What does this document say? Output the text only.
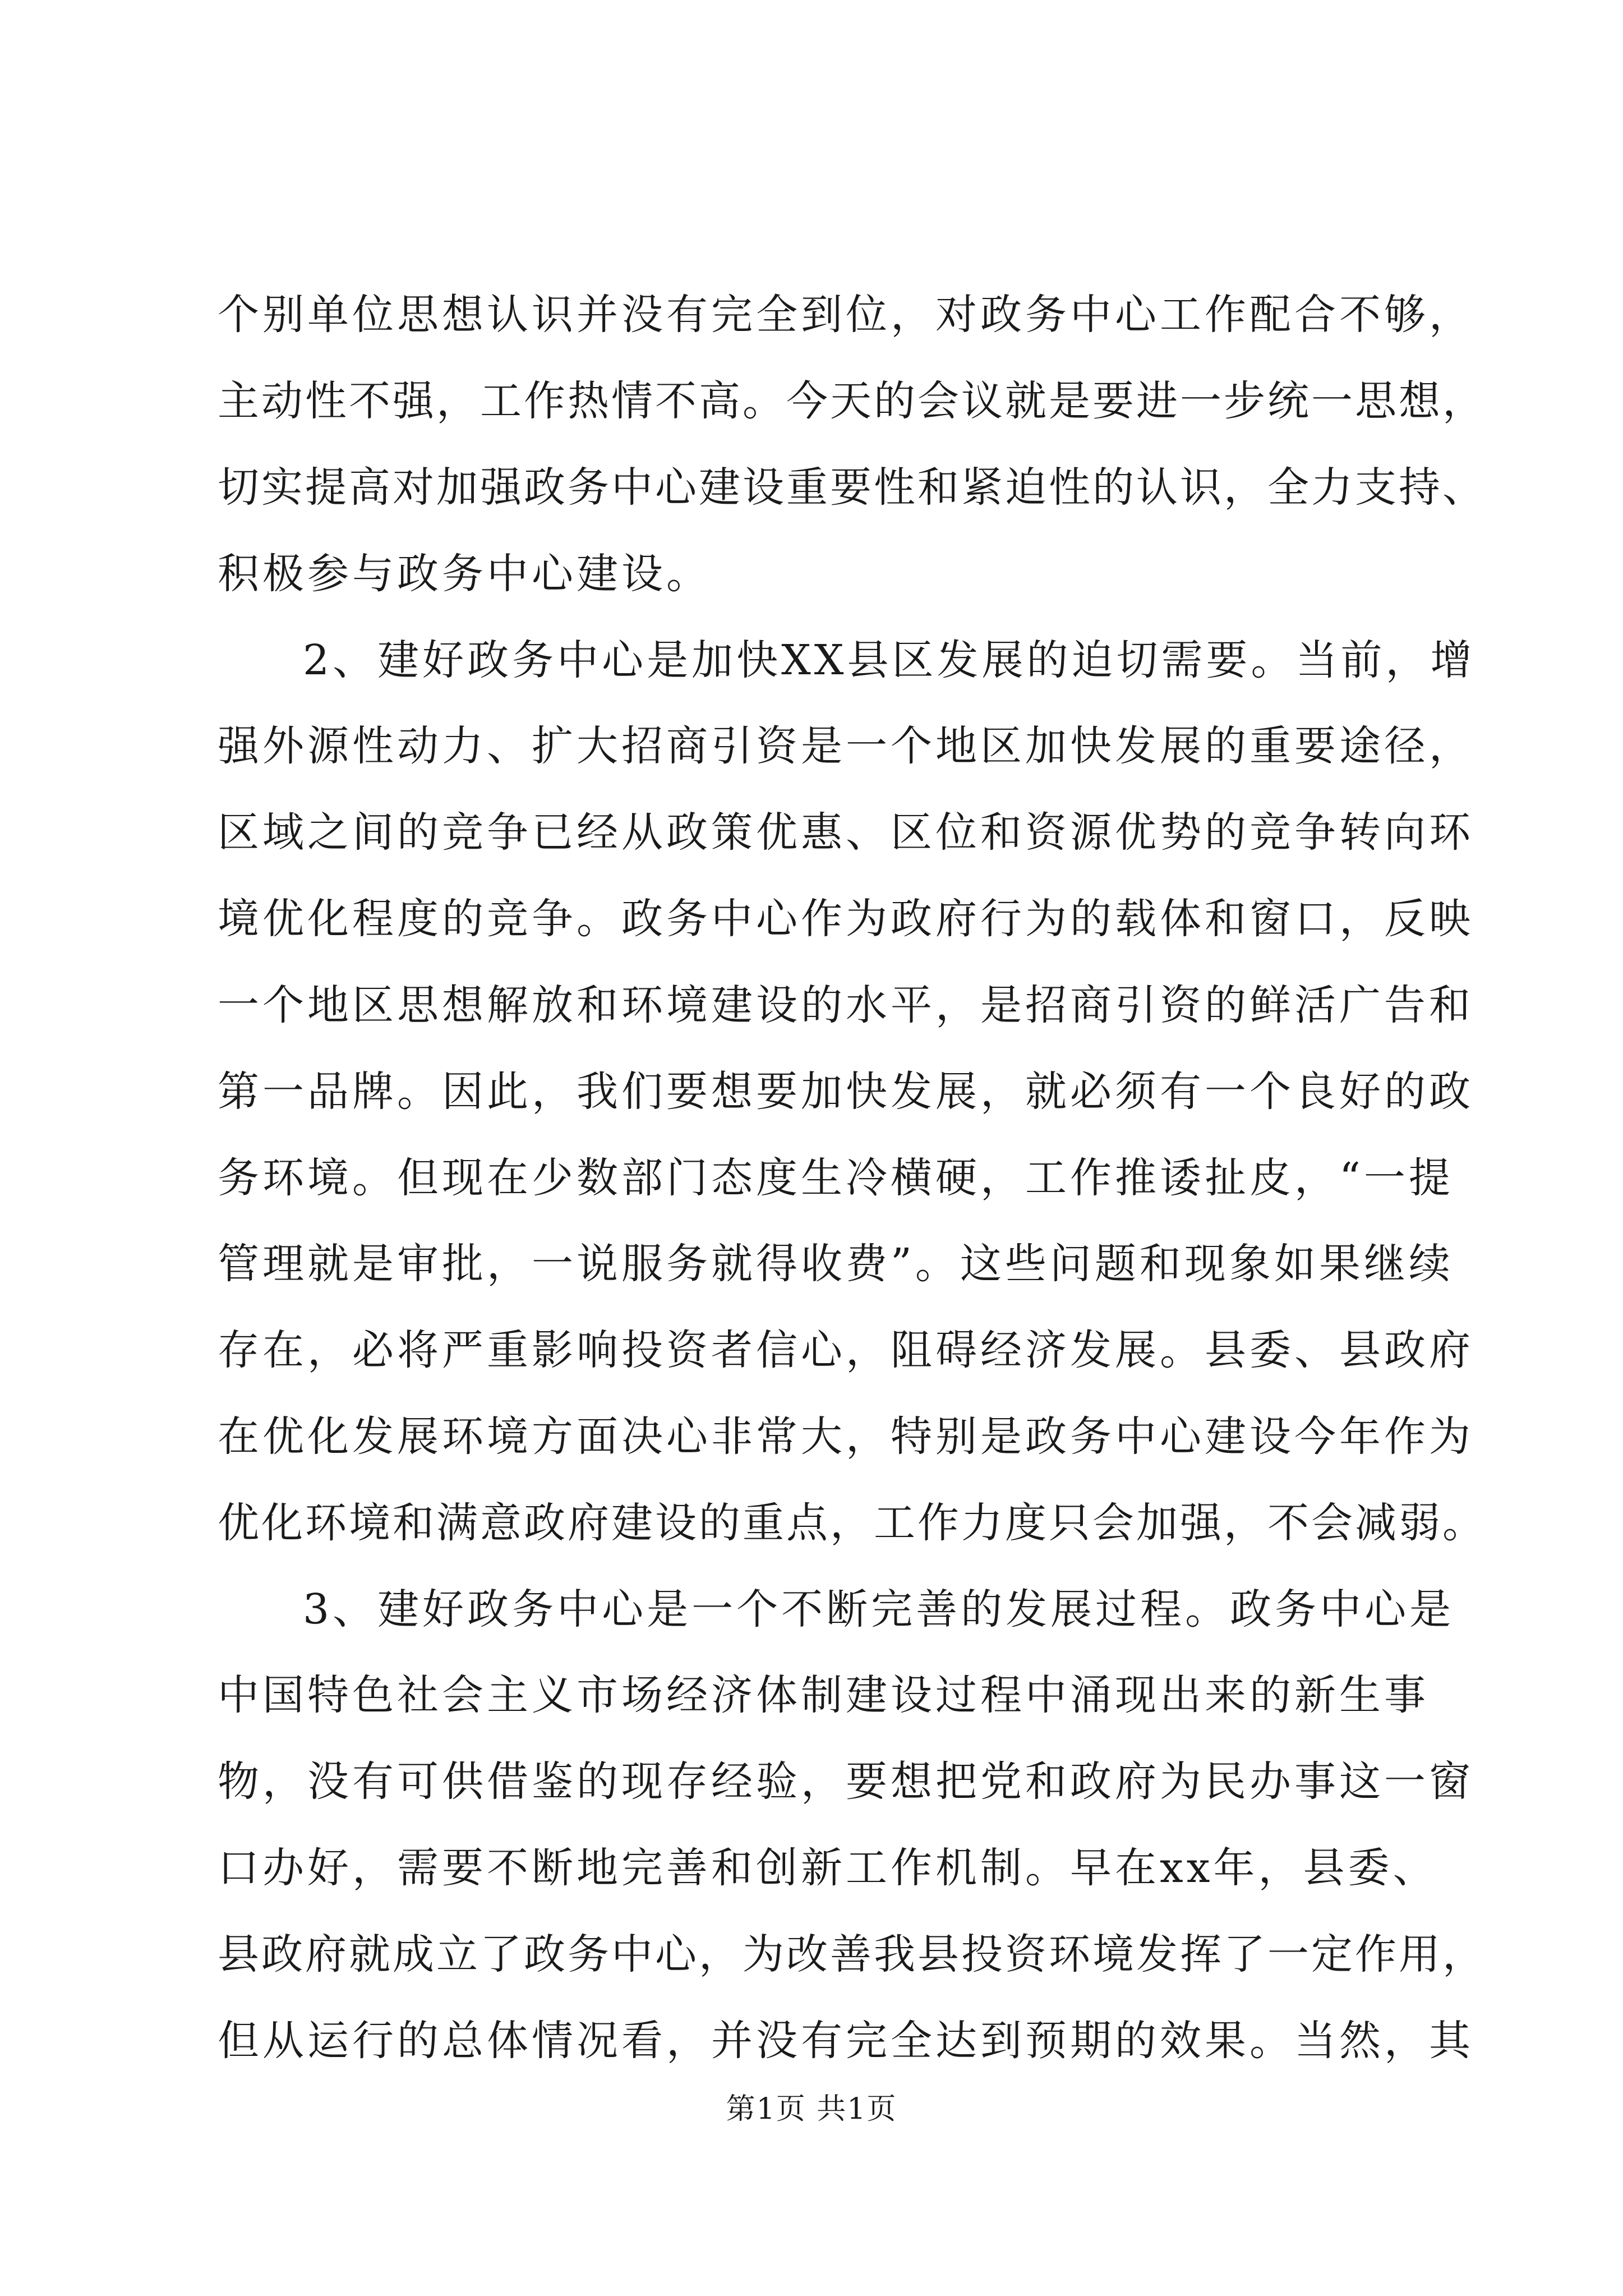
个别单位思想认识并没有完全到位，对政务中心工作配合不够，
主动性不强，工作热情不高。今天的会议就是要进一步统一思想，
切实提高对加强政务中心建设重要性和紧迫性的认识，全力支持、
积极参与政务中心建设。
2、建好政务中心是加快XX县区发展的迫切需要。当前，增
强外源性动力、扩大招商引资是一个地区加快发展的重要途径，
区域之间的竞争已经从政策优惠、区位和资源优势的竞争转向环
境优化程度的竞争。政务中心作为政府行为的载体和窗口，反映
一个地区思想解放和环境建设的水平，是招商引资的鲜活广告和
第一品牌。因此，我们要想要加快发展，就必须有一个良好的政
务环境。但现在少数部门态度生冷横硬，工作推诿扯皮，“一提
管理就是审批，一说服务就得收费”。这些问题和现象如果继续
存在，必将严重影响投资者信心，阻碍经济发展。县委、县政府
在优化发展环境方面决心非常大，特别是政务中心建设今年作为
优化环境和满意政府建设的重点，工作力度只会加强，不会减弱。
3、建好政务中心是一个不断完善的发展过程。政务中心是
中国特色社会主义市场经济体制建设过程中涌现出来的新生事
物，没有可供借鉴的现存经验，要想把党和政府为民办事这一窗
口办好，需要不断地完善和创新工作机制。早在xx年，县委、
县政府就成立了政务中心，为改善我县投资环境发挥了一定作用，
但从运行的总体情况看，并没有完全达到预期的效果。当然，其
第1页 共1页
